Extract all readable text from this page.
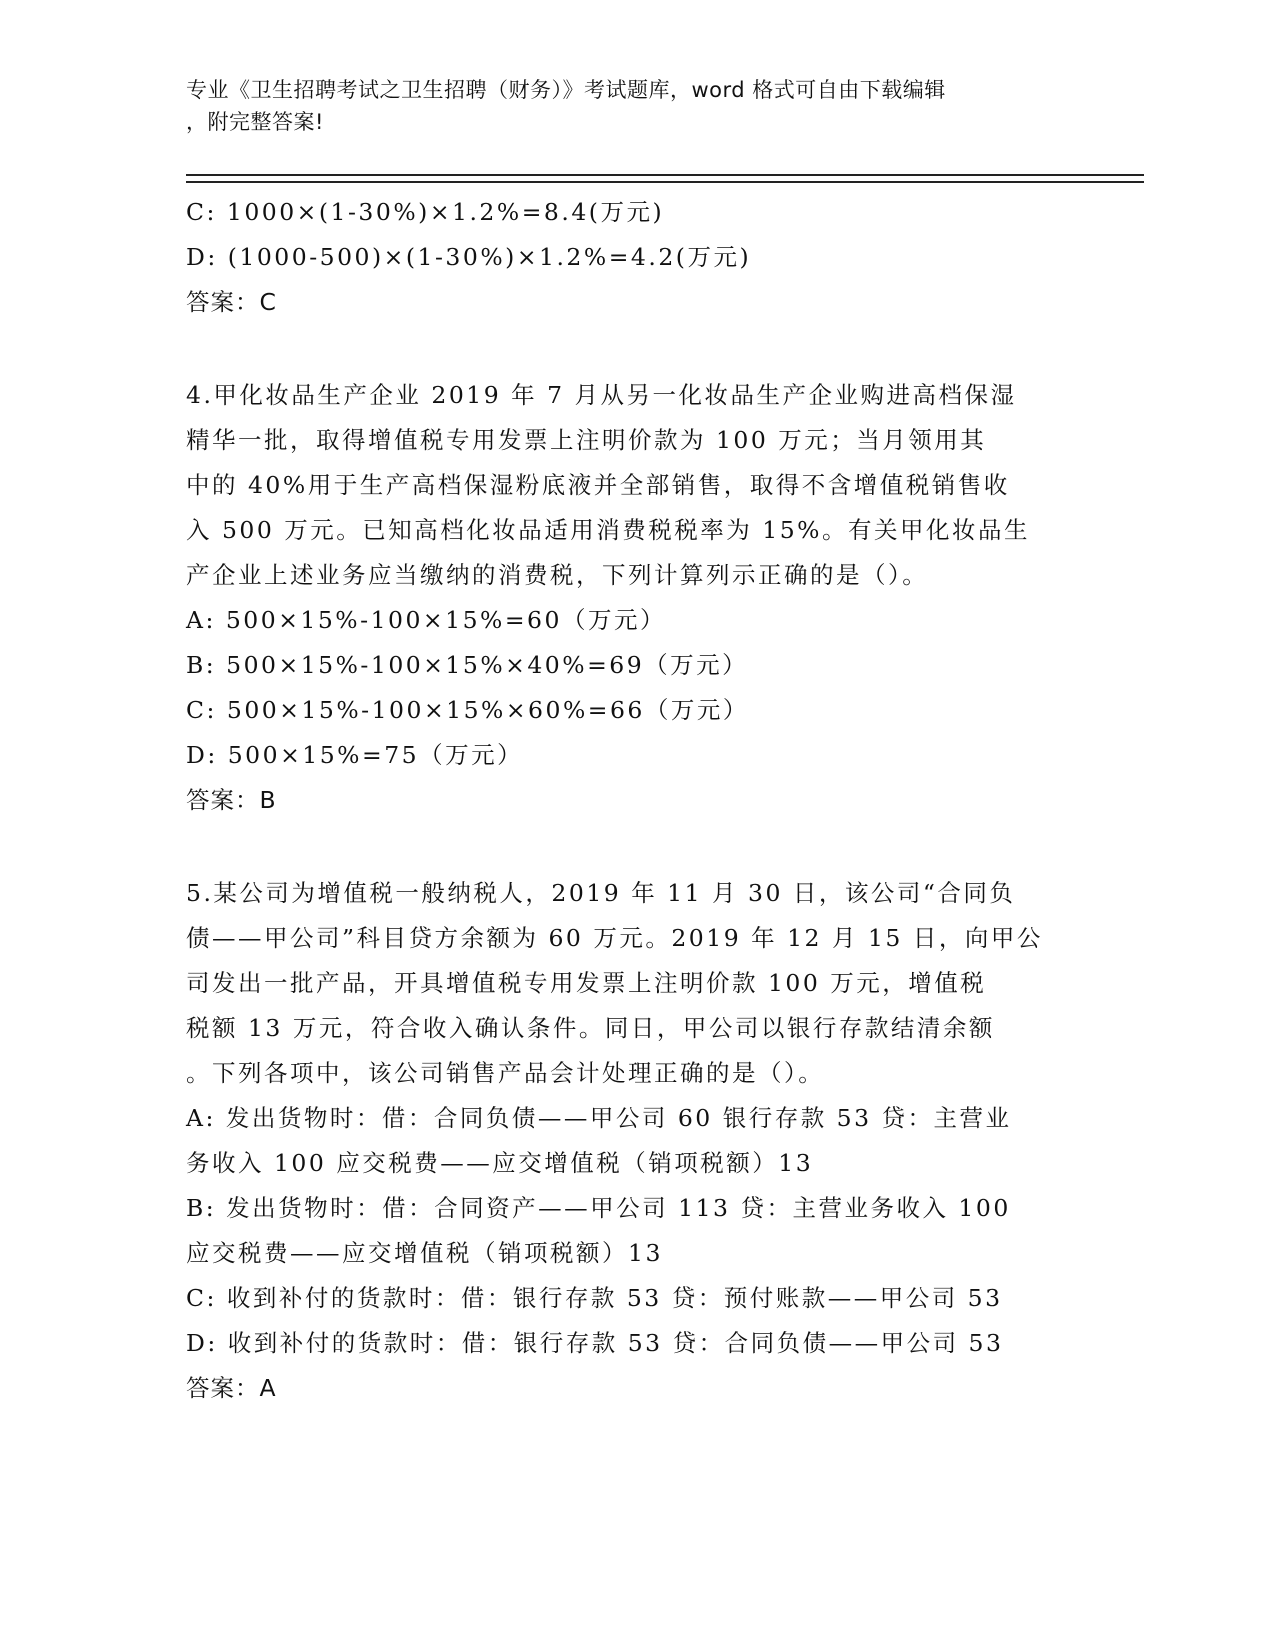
专业《卫生招聘考试之卫生招聘（财务）》考试题库，word 格式可自由下载编辑
，附完整答案!
C: 1000×(1-30%)×1.2%=8.4(万元)
D: (1000-500)×(1-30%)×1.2%=4.2(万元)
答案：C
4.甲化妆品生产企业 2019 年 7 月从另一化妆品生产企业购进高档保湿
精华一批，取得增值税专用发票上注明价款为 100 万元；当月领用其
中的 40%用于生产高档保湿粉底液并全部销售，取得不含增值税销售收
入 500 万元。已知高档化妆品适用消费税税率为 15%。有关甲化妆品生
产企业上述业务应当缴纳的消费税，下列计算列示正确的是（）。
A: 500×15%-100×15%=60（万元）
B: 500×15%-100×15%×40%=69（万元）
C: 500×15%-100×15%×60%=66（万元）
D: 500×15%=75（万元）
答案：B
5.某公司为增值税一般纳税人，2019 年 11 月 30 日，该公司“合同负
债——甲公司”科目贷方余额为 60 万元。2019 年 12 月 15 日，向甲公
司发出一批产品，开具增值税专用发票上注明价款 100 万元，增值税
税额 13 万元，符合收入确认条件。同日，甲公司以银行存款结清余额
。下列各项中，该公司销售产品会计处理正确的是（）。
A: 发出货物时：借：合同负债——甲公司 60 银行存款 53 贷：主营业
务收入 100 应交税费——应交增值税（销项税额）13
B: 发出货物时：借：合同资产——甲公司 113 贷：主营业务收入 100
应交税费——应交增值税（销项税额）13
C: 收到补付的货款时：借：银行存款 53 贷：预付账款——甲公司 53
D: 收到补付的货款时：借：银行存款 53 贷：合同负债——甲公司 53
答案：A
